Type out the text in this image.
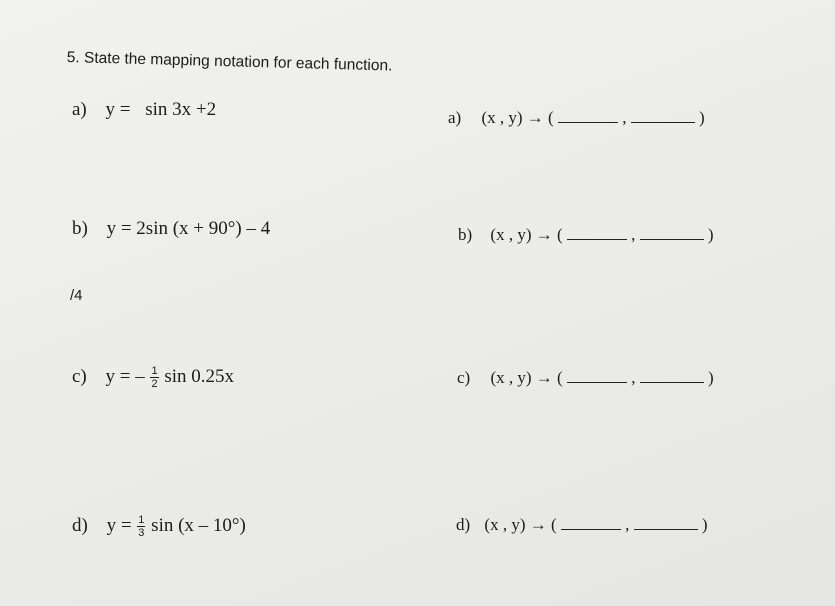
5. State the mapping notation for each function.
a) y = sin 3x +2
b) y = 2sin (x + 90°) – 4
/4
c) y = – $\frac{1}{2}$ sin 0.25x
d) $y = \frac{1}{3}$ sin (x – 10°)
a) (x , y) → (	,	)
b) (x , y) → (	,	)
c) (x , y) → (	,	)
d) (x , y) → (	,	)
